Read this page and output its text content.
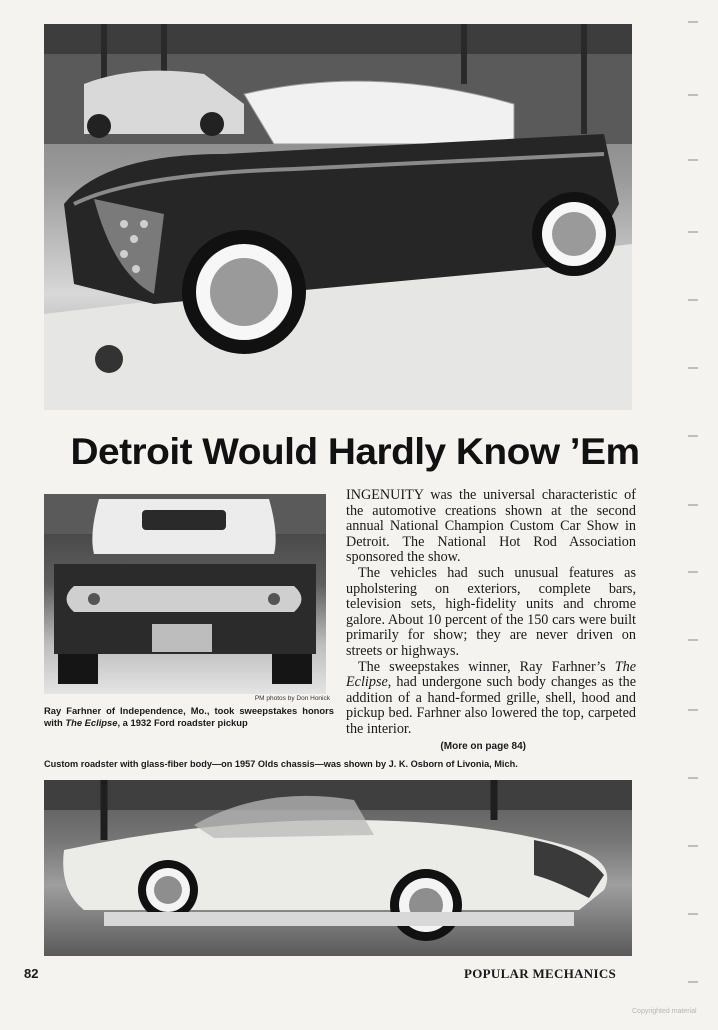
Detroit Would Hardly Know ’Em
PM photos by Don Honick
Ray Farhner of Independence, Mo., took sweepstakes honors with The Eclipse, a 1932 Ford roadster pickup

INGENUITY was the universal characteristic of the automotive creations shown at the second annual National Champion Custom Car Show in Detroit. The National Hot Rod Association sponsored the show.

The vehicles had such unusual features as upholstering on exteriors, complete bars, television sets, high-fidelity units and chrome galore. About 10 percent of the 150 cars were built primarily for show; they are never driven on streets or highways.

The sweepstakes winner, Ray Farhner’s The Eclipse, had undergone such body changes as the addition of a hand-formed grille, shell, hood and pickup bed. Farhner also lowered the top, carpeted the interior.

(More on page 84)
Custom roadster with glass-fiber body—on 1957 Olds chassis—was shown by J. K. Osborn of Livonia, Mich.
82	POPULAR MECHANICS
Copyrighted material
